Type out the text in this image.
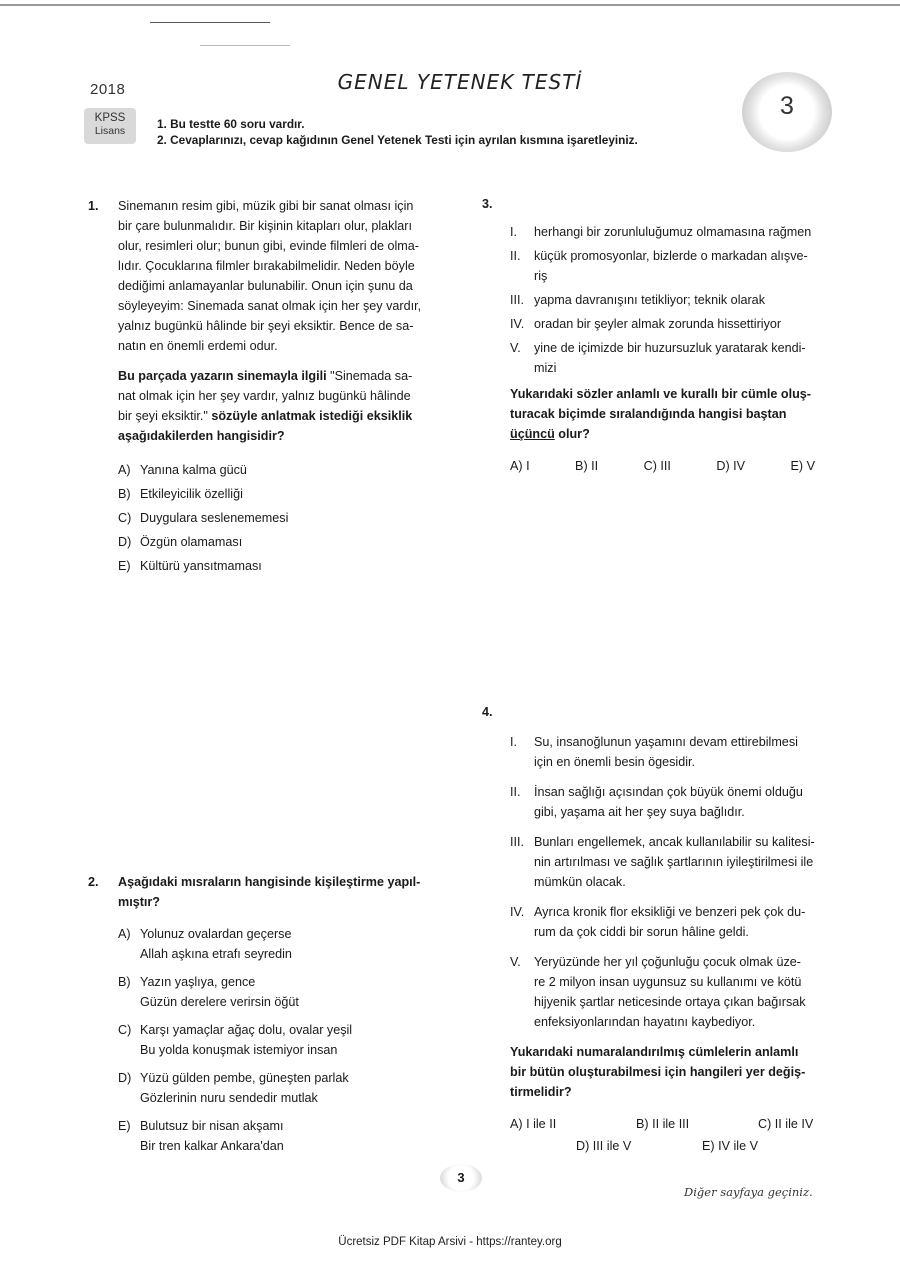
2018
KPSS
Lisans
GENEL YETENEK TESTİ
1. Bu testte 60 soru vardır.
2. Cevaplarınızı, cevap kağıdının Genel Yetenek Testi için ayrılan kısmına işaretleyiniz.
3
1. Sinemanın resim gibi, müzik gibi bir sanat olması için
bir çare bulunmalıdır. Bir kişinin kitapları olur, plakları
olur, resimleri olur; bunun gibi, evinde filmleri de olma-
lıdır. Çocuklarına filmler bırakabilmelidir. Neden böyle
dediğimi anlamayanlar bulunabilir. Onun için şunu da
söyleyeyim: Sinemada sanat olmak için her şey vardır,
yalnız bugünkü hâlinde bir şeyi eksiktir. Bence de sa-
natın en önemli erdemi odur.
Bu parçada yazarın sinemayla ilgili "Sinemada sa-
nat olmak için her şey vardır, yalnız bugünkü hâlinde
bir şeyi eksiktir." sözüyle anlatmak istediği eksiklik
aşağıdakilerden hangisidir?
A) Yanına kalma gücü
B) Etkileyicilik özelliği
C) Duygulara seslenememesi
D) Özgün olamaması
E) Kültürü yansıtmaması
2. Aşağıdaki mısraların hangisinde kişileştirme yapıl-
mıştır?
A) Yolunuz ovalardan geçerse
Allah aşkına etrafı seyredin
B) Yazın yaşlıya, gence
Güzün derelere verirsin öğüt
C) Karşı yamaçlar ağaç dolu, ovalar yeşil
Bu yolda konuşmak istemiyor insan
D) Yüzü gülden pembe, güneşten parlak
Gözlerinin nuru sendedir mutlak
E) Bulutsuz bir nisan akşamı
Bir tren kalkar Ankara'dan
3.
I.	herhangi bir zorunluluğumuz olmamasına rağmen
II.	küçük promosyonlar, bizlerde o markadan alışve-
riş
III. yapma davranışını tetikliyor; teknik olarak
IV. oradan bir şeyler almak zorunda hissettiriyor
V.	yine de içimizde bir huzursuzluk yaratarak kendi-
mizi
Yukarıdaki sözler anlamlı ve kurallı bir cümle oluş-
turacak biçimde sıralandığında hangisi baştan
üçüncü olur?
A) I	B) II	C) III	D) IV	E) V
4.
I.	Su, insanoğlunun yaşamını devam ettirebilmesi
için en önemli besin ögesidir.
II.	İnsan sağlığı açısından çok büyük önemi olduğu
gibi, yaşama ait her şey suya bağlıdır.
III. Bunları engellemek, ancak kullanılabilir su kalitesi-
nin artırılması ve sağlık şartlarının iyileştirilmesi ile
mümkün olacak.
IV. Ayrıca kronik flor eksikliği ve benzeri pek çok du-
rum da çok ciddi bir sorun hâline geldi.
V.	Yeryüzünde her yıl çoğunluğu çocuk olmak üze-
re 2 milyon insan uygunsuz su kullanımı ve kötü
hijyenik şartlar neticesinde ortaya çıkan bağırsak
enfeksiyonlarından hayatını kaybediyor.
Yukarıdaki numaralandırılmış cümlelerin anlamlı
bir bütün oluşturabilmesi için hangileri yer değiş-
tirmelidir?
A) I ile II	B) II ile III	C) II ile IV
D) III ile V	E) IV ile V
3
Diğer sayfaya geçiniz.
Ücretsiz PDF Kitap Arsivi - https://rantey.org
